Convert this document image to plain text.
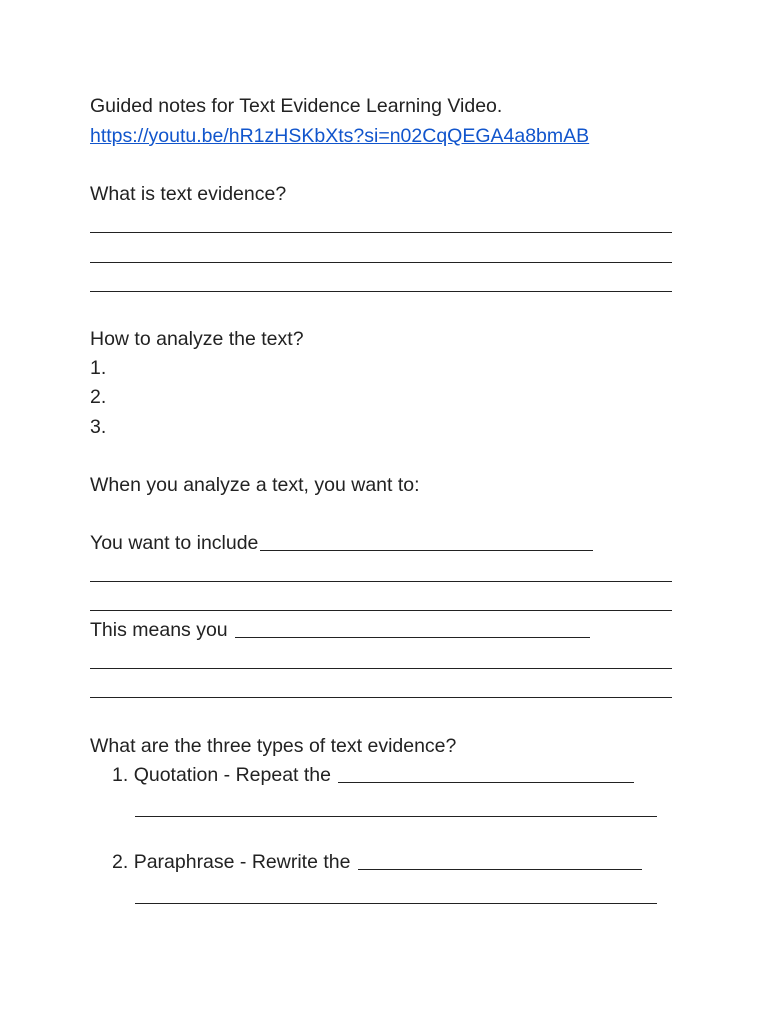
Guided notes for Text Evidence Learning Video.
https://youtu.be/hR1zHSKbXts?si=n02CqQEGA4a8bmAB
What is text evidence?
How to analyze the text?
1.
2.
3.
When you analyze a text, you want to:
You want to include
This means you
What are the three types of text evidence?
1. Quotation - Repeat the
2. Paraphrase - Rewrite the
